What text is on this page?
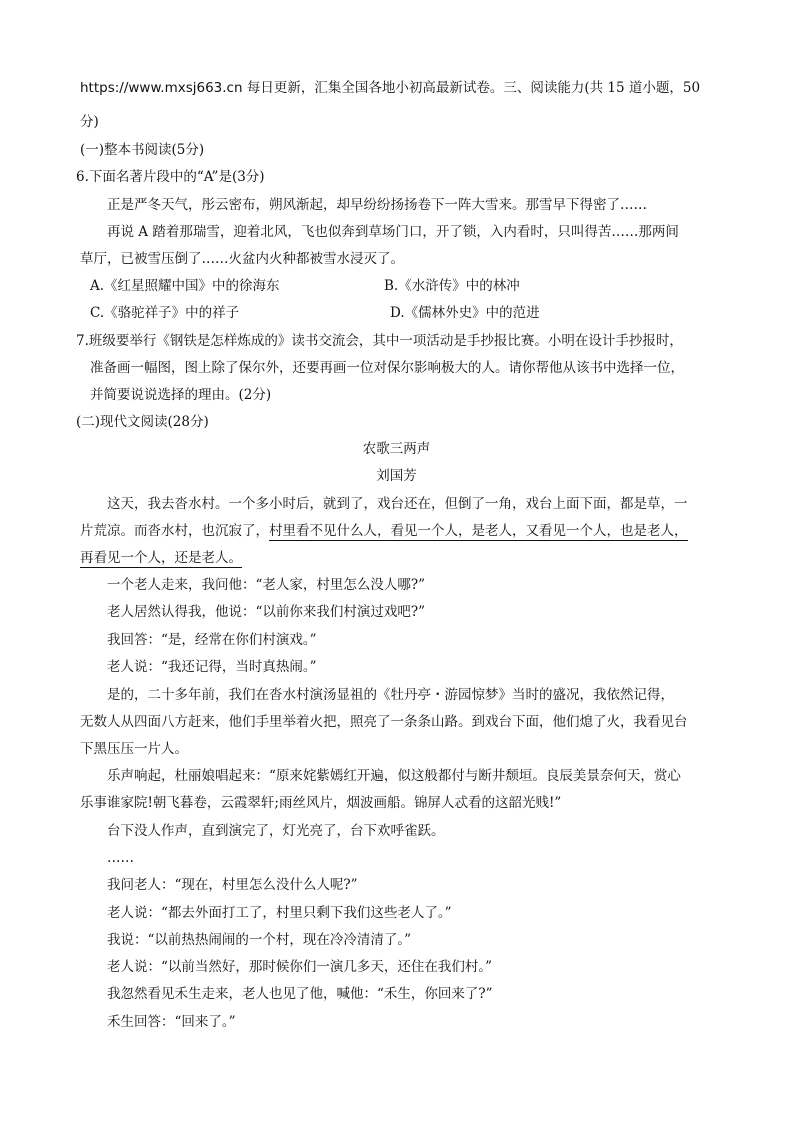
https://www.mxsj663.cn 每日更新，汇集全国各地小初高最新试卷。三、阅读能力(共 15 道小题，50
分)
(一)整本书阅读(5分)
6.下面名著片段中的“A”是(3分)
正是严冬天气，彤云密布，朔风渐起，却早纷纷扬扬卷下一阵大雪来。那雪早下得密了……
再说 A 踏着那瑞雪，迎着北风，飞也似奔到草场门口，开了锁，入内看时，只叫得苦……那两间
草厅，已被雪压倒了……火盆内火种都被雪水浸灭了。
A.《红星照耀中国》中的徐海东	B.《水浒传》中的林冲
C.《骆驼祥子》中的祥子	D.《儒林外史》中的范进
7.班级要举行《钢铁是怎样炼成的》读书交流会，其中一项活动是手抄报比赛。小明在设计手抄报时，
准备画一幅图，图上除了保尔外，还要再画一位对保尔影响极大的人。请你帮他从该书中选择一位，
并简要说说选择的理由。(2分)
(二)现代文阅读(28分)
农歌三两声
刘国芳
这天，我去沓水村。一个多小时后，就到了，戏台还在，但倒了一角，戏台上面下面，都是草，一
片荒凉。而沓水村，也沉寂了，村里看不见什么人，看见一个人，是老人，又看见一个人，也是老人，
再看见一个人，还是老人。
一个老人走来，我问他：“老人家，村里怎么没人哪?”
老人居然认得我，他说：“以前你来我们村演过戏吧?”
我回答：“是，经常在你们村演戏。”
老人说：“我还记得，当时真热闹。”
是的，二十多年前，我们在沓水村演汤显祖的《牡丹亭・游园惊梦》当时的盛况，我依然记得，
无数人从四面八方赶来，他们手里举着火把，照亮了一条条山路。到戏台下面，他们熄了火，我看见台
下黑压压一片人。
乐声响起，杜丽娘唱起来：“原来姹紫嫣红开遍，似这般都付与断井颓垣。良辰美景奈何天，赏心
乐事谁家院!朝飞暮卷，云霞翠轩;雨丝风片，烟波画船。锦屏人忒看的这韶光贱!”
台下没人作声，直到演完了，灯光亮了，台下欢呼雀跃。
……
我问老人：“现在，村里怎么没什么人呢?”
老人说：“都去外面打工了，村里只剩下我们这些老人了。”
我说：“以前热热闹闹的一个村，现在冷冷清清了。”
老人说：“以前当然好，那时候你们一演几多天，还住在我们村。”
我忽然看见禾生走来，老人也见了他，喊他：“禾生，你回来了?”
禾生回答：“回来了。”
